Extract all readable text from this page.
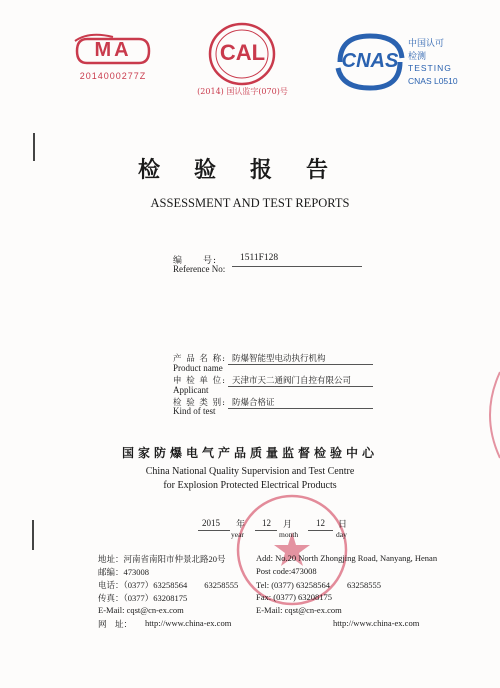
MA
2014000277Z
CAL
(2014) 国认监字(070)号
CNAS
中国认可
检测
TESTING
CNAS L0510
检验报告
ASSESSMENT AND TEST REPORTS
编　　号: 1511F128
Reference No:
产 品 名 称: 防爆智能型电动执行机构
Product name
申 检 单 位: 天津市天二通阀门自控有限公司
Applicant
检 验 类 别: 防爆合格证
Kind of test
国家防爆电气产品质量监督检验中心
China National Quality Supervision and Test Centre
for Explosion Protected Electrical Products
2015 年
year
12 月
month
12 日
day
地址：河南省南阳市仲景北路20号
邮编：473008
电话：（0377）63258564　　63258555
传真：（0377）63208175
E-Mail: cqst@cn-ex.com
网　址： http://www.china-ex.com
Add: No.20 North Zhongjing Road, Nanyang, Henan
Post code:473008
Tel: (0377) 63258564　　63258555
Fax: (0377) 63208175
E-Mail: cqst@cn-ex.com
http://www.china-ex.com
